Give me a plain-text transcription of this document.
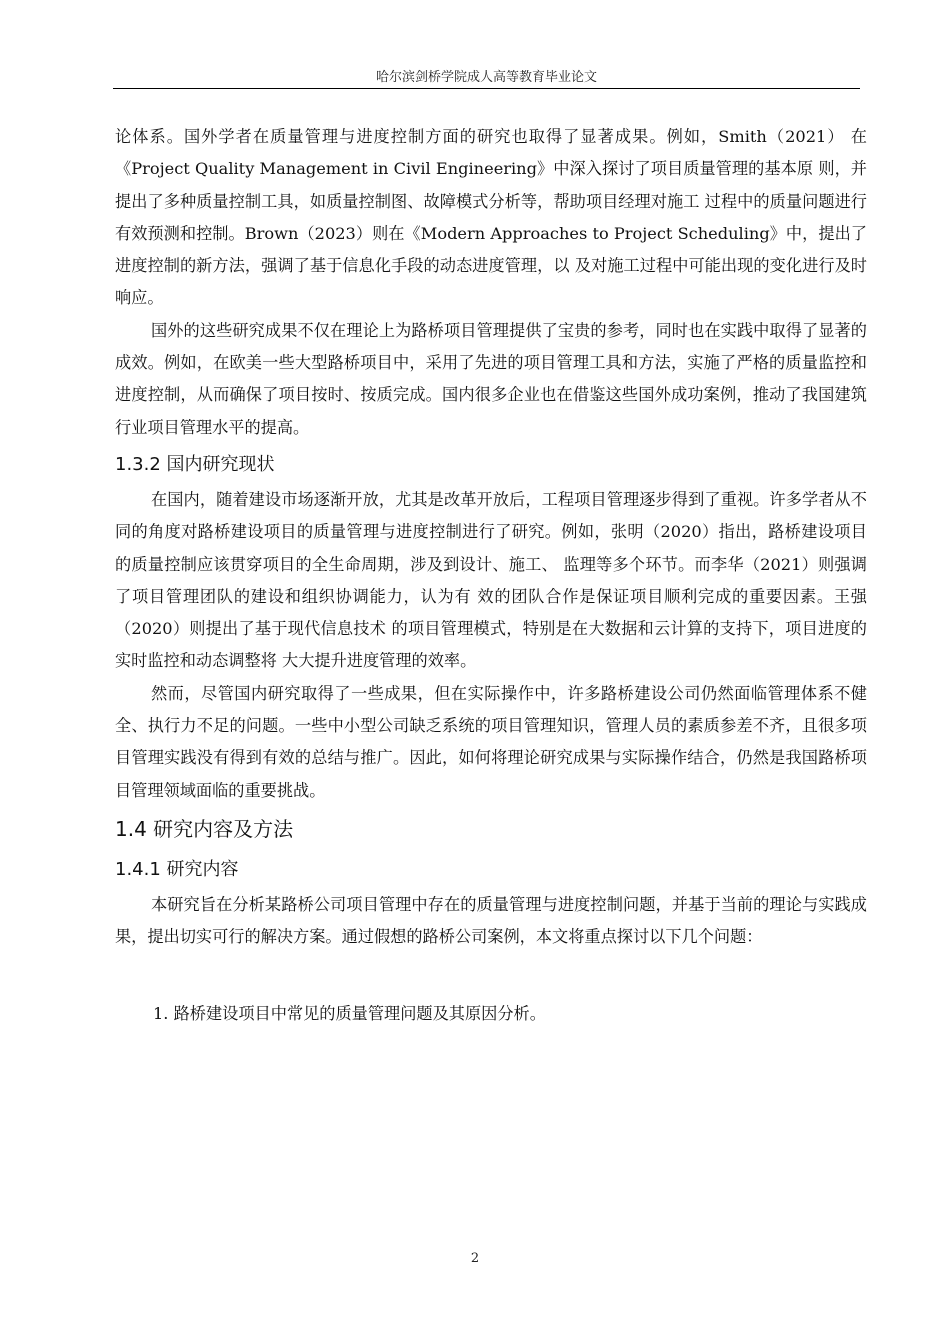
哈尔滨剑桥学院成人高等教育毕业论文

论体系。国外学者在质量管理与进度控制方面的研究也取得了显著成果。例如，Smith（2021） 在《Project Quality Management in Civil Engineering》中深入探讨了项目质量管理的基本原 则，并提出了多种质量控制工具，如质量控制图、故障模式分析等，帮助项目经理对施工 过程中的质量问题进行有效预测和控制。Brown（2023）则在《Modern Approaches to Project Scheduling》中，提出了进度控制的新方法，强调了基于信息化手段的动态进度管理，以 及对施工过程中可能出现的变化进行及时响应。

国外的这些研究成果不仅在理论上为路桥项目管理提供了宝贵的参考，同时也在实践中取得了显著的成效。例如，在欧美一些大型路桥项目中，采用了先进的项目管理工具和方法，实施了严格的质量监控和进度控制，从而确保了项目按时、按质完成。国内很多企业也在借鉴这些国外成功案例，推动了我国建筑行业项目管理水平的提高。

1.3.2 国内研究现状

在国内，随着建设市场逐渐开放，尤其是改革开放后，工程项目管理逐步得到了重视。许多学者从不同的角度对路桥建设项目的质量管理与进度控制进行了研究。例如，张明（2020）指出，路桥建设项目的质量控制应该贯穿项目的全生命周期，涉及到设计、施工、 监理等多个环节。而李华（2021）则强调了项目管理团队的建设和组织协调能力，认为有 效的团队合作是保证项目顺利完成的重要因素。王强（2020）则提出了基于现代信息技术 的项目管理模式，特别是在大数据和云计算的支持下，项目进度的实时监控和动态调整将 大大提升进度管理的效率。

然而，尽管国内研究取得了一些成果，但在实际操作中，许多路桥建设公司仍然面临管理体系不健全、执行力不足的问题。一些中小型公司缺乏系统的项目管理知识，管理人员的素质参差不齐，且很多项目管理实践没有得到有效的总结与推广。因此，如何将理论研究成果与实际操作结合，仍然是我国路桥项目管理领域面临的重要挑战。

1.4 研究内容及方法
1.4.1 研究内容

本研究旨在分析某路桥公司项目管理中存在的质量管理与进度控制问题，并基于当前的理论与实践成果，提出切实可行的解决方案。通过假想的路桥公司案例，本文将重点探讨以下几个问题：

1. 路桥建设项目中常见的质量管理问题及其原因分析。
2
